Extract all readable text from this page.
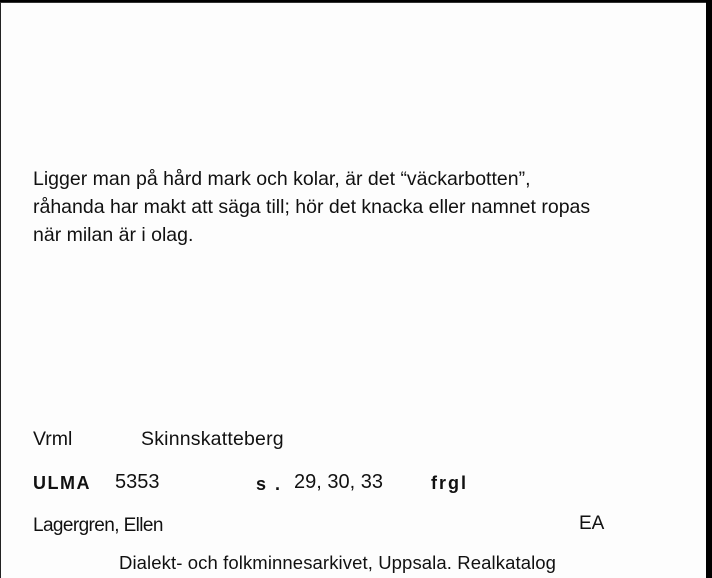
Ligger man på hård mark och kolar, är det “väckarbotten”,
råhanda har makt att säga till; hör det knacka eller namnet ropas
när milan är i olag.

Vrml	Skinnskatteberg
ULMA 5353	s . 29, 30, 33	frgl
Lagergren, Ellen	EA
Dialekt- och folkminnesarkivet, Uppsala. Realkatalog
